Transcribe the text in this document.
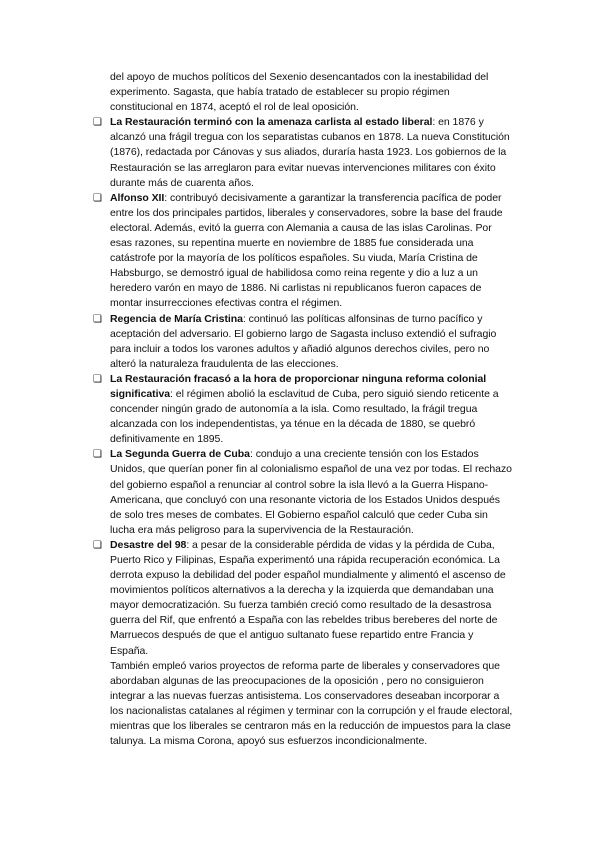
del apoyo de muchos políticos del Sexenio desencantados con la inestabilidad del experimento. Sagasta, que había tratado de establecer su propio régimen constitucional en 1874, aceptó el rol de leal oposición.

❏ La Restauración terminó con la amenaza carlista al estado liberal: en 1876 y alcanzó una frágil tregua con los separatistas cubanos en 1878. La nueva Constitución (1876), redactada por Cánovas y sus aliados, duraría hasta 1923. Los gobiernos de la Restauración se las arreglaron para evitar nuevas intervenciones militares con éxito durante más de cuarenta años.

❏ Alfonso XII: contribuyó decisivamente a garantizar la transferencia pacífica de poder entre los dos principales partidos, liberales y conservadores, sobre la base del fraude electoral. Además, evitó la guerra con Alemania a causa de las islas Carolinas. Por esas razones, su repentina muerte en noviembre de 1885 fue considerada una catástrofe por la mayoría de los políticos españoles. Su viuda, María Cristina de Habsburgo, se demostró igual de habilidosa como reina regente y dio a luz a un heredero varón en mayo de 1886. Ni carlistas ni republicanos fueron capaces de montar insurrecciones efectivas contra el régimen.

❏ Regencia de María Cristina: continuó las políticas alfonsinas de turno pacífico y aceptación del adversario. El gobierno largo de Sagasta incluso extendió el sufragio para incluir a todos los varones adultos y añadió algunos derechos civiles, pero no alteró la naturaleza fraudulenta de las elecciones.

❏ La Restauración fracasó a la hora de proporcionar ninguna reforma colonial significativa: el régimen abolió la esclavitud de Cuba, pero siguió siendo reticente a concender ningún grado de autonomía a la isla. Como resultado, la frágil tregua alcanzada con los independentistas, ya ténue en la década de 1880, se quebró definitivamente en 1895.

❏ La Segunda Guerra de Cuba: condujo a una creciente tensión con los Estados Unidos, que querían poner fin al colonialismo español de una vez por todas. El rechazo del gobierno español a renunciar al control sobre la isla llevó a la Guerra Hispano-Americana, que concluyó con una resonante victoria de los Estados Unidos después de solo tres meses de combates. El Gobierno español calculó que ceder Cuba sin lucha era más peligroso para la supervivencia de la Restauración.

❏ Desastre del 98: a pesar de la considerable pérdida de vidas y la pérdida de Cuba, Puerto Rico y Filipinas, España experimentó una rápida recuperación económica. La derrota expuso la debilidad del poder español mundialmente y alimentó el ascenso de movimientos políticos alternativos a la derecha y la izquierda que demandaban una mayor democratización. Su fuerza también creció como resultado de la desastrosa guerra del Rif, que enfrentó a España con las rebeldes tribus bereberes del norte de Marruecos después de que el antiguo sultanato fuese repartido entre Francia y España.

También empleó varios proyectos de reforma parte de liberales y conservadores que abordaban algunas de las preocupaciones de la oposición , pero no consiguieron integrar a las nuevas fuerzas antisistema. Los conservadores deseaban incorporar a los nacionalistas catalanes al régimen y terminar con la corrupción y el fraude electoral, mientras que los liberales se centraron más en la reducción de impuestos para la clase talunya. La misma Corona, apoyó sus esfuerzos incondicionalmente.
